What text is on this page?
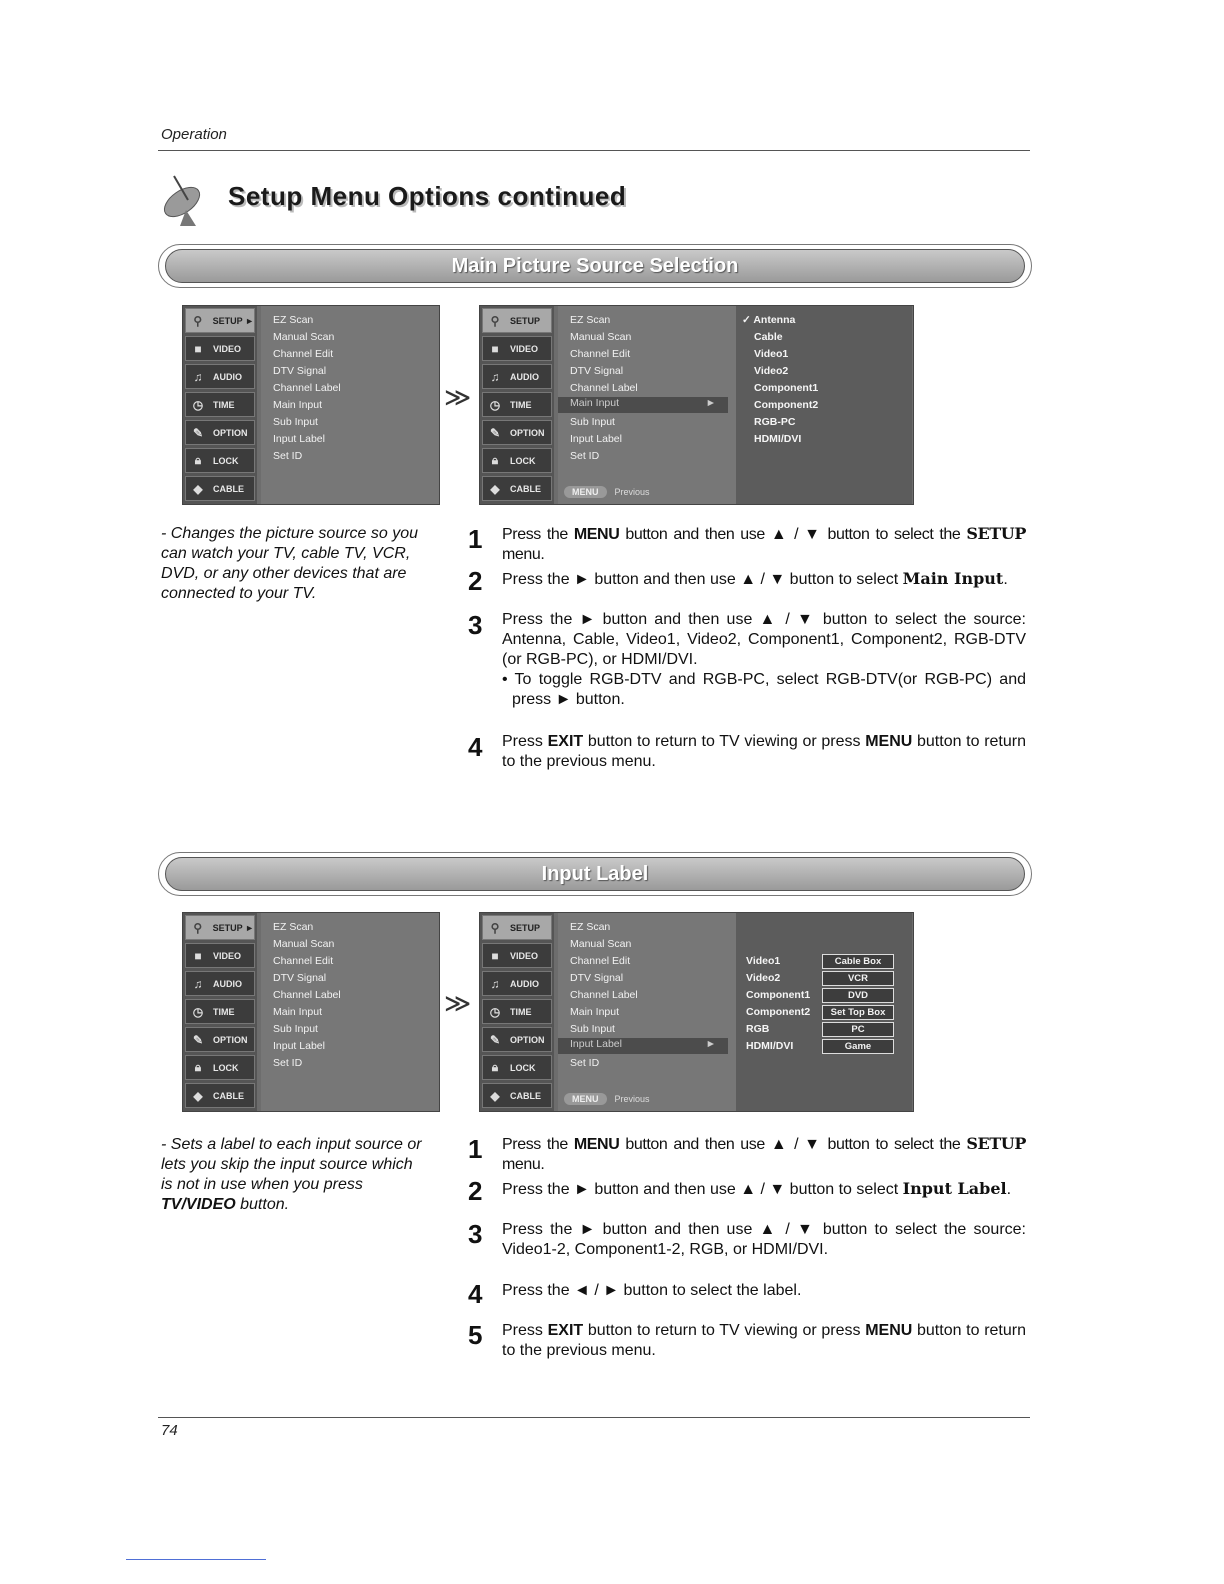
Operation
Setup Menu Options continued
Main Picture Source Selection
⚲	SETUP ►
■	VIDEO
♫	AUDIO
◷	TIME
✎	OPTION
🔒︎	LOCK
◆	CABLE
EZ Scan
Manual Scan
Channel Edit
DTV Signal
Channel Label
Main Input
Sub Input
Input Label
Set ID
≫
⚲	SETUP
■	VIDEO
♫	AUDIO
◷	TIME
✎	OPTION
🔒︎	LOCK
◆	CABLE
EZ Scan
Manual Scan
Channel Edit
DTV Signal
Channel Label
Main Input	►
Sub Input
Input Label
Set ID
MENU Previous
✓ Antenna
Cable
Video1
Video2
Component1
Component2
RGB-PC
HDMI/DVI
- Changes the picture source so you can watch your TV, cable TV, VCR, DVD, or any other devices that are connected to your TV.
1 Press the MENU button and then use ▲ / ▼ button to select the SETUP menu.
2 Press the ► button and then use ▲ / ▼ button to select Main Input.
3 Press the ► button and then use ▲ / ▼ button to select the source: Antenna, Cable, Video1, Video2, Component1, Component2, RGB-DTV (or RGB-PC), or HDMI/DVI.
• To toggle RGB-DTV and RGB-PC, select RGB-DTV(or RGB-PC) and press ► button.
4 Press EXIT button to return to TV viewing or press MENU button to return to the previous menu.
Input Label
⚲	SETUP ►
■	VIDEO
♫	AUDIO
◷	TIME
✎	OPTION
🔒︎	LOCK
◆	CABLE
EZ Scan
Manual Scan
Channel Edit
DTV Signal
Channel Label
Main Input
Sub Input
Input Label
Set ID
≫
⚲	SETUP
■	VIDEO
♫	AUDIO
◷	TIME
✎	OPTION
🔒︎	LOCK
◆	CABLE
EZ Scan
Manual Scan
Channel Edit
DTV Signal
Channel Label
Main Input
Sub Input
Input Label	►
Set ID
MENU Previous
Video1	Cable Box
Video2	VCR
Component1	DVD
Component2	Set Top Box
RGB	PC
HDMI/DVI	Game
- Sets a label to each input source or lets you skip the input source which is not in use when you press TV/VIDEO button.
1 Press the MENU button and then use ▲ / ▼ button to select the SETUP menu.
2 Press the ► button and then use ▲ / ▼ button to select Input Label.
3 Press the ► button and then use ▲ / ▼ button to select the source: Video1-2, Component1-2, RGB, or HDMI/DVI.
4 Press the ◄ / ► button to select the label.
5 Press EXIT button to return to TV viewing or press MENU button to return to the previous menu.
74
